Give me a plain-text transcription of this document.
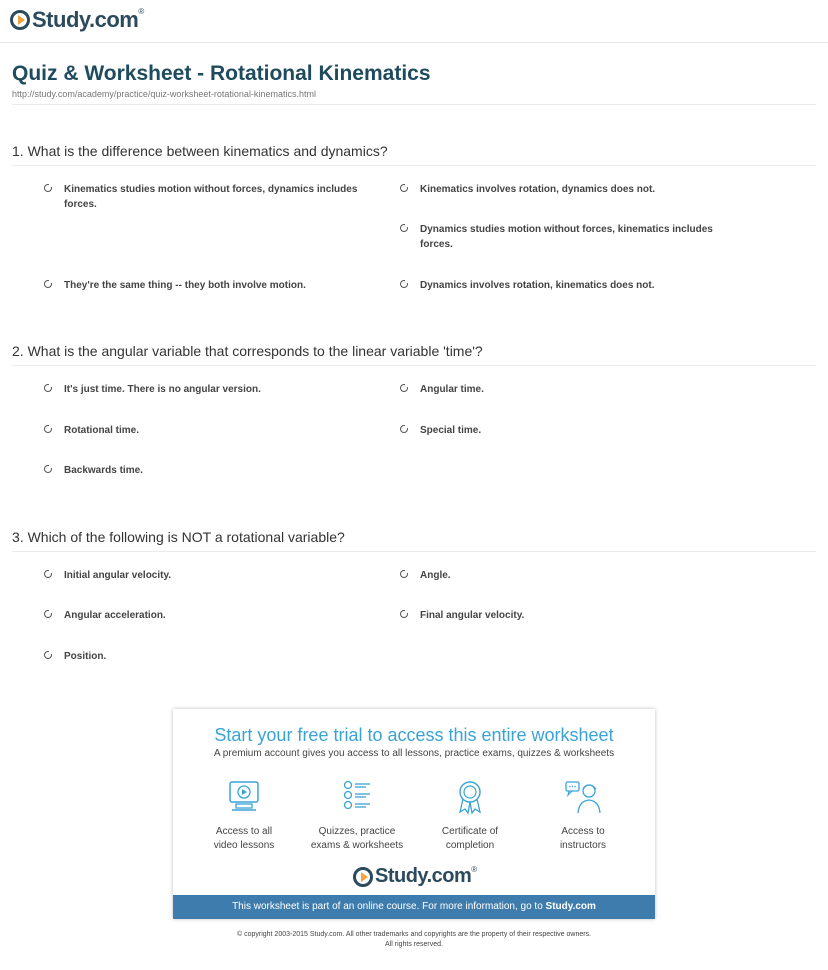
Study.com®
Quiz & Worksheet - Rotational Kinematics
http://study.com/academy/practice/quiz-worksheet-rotational-kinematics.html
1. What is the difference between kinematics and dynamics?
Kinematics studies motion without forces, dynamics includes forces.
Kinematics involves rotation, dynamics does not.
Dynamics studies motion without forces, kinematics includes forces.
They're the same thing -- they both involve motion.	Dynamics involves rotation, kinematics does not.
2. What is the angular variable that corresponds to the linear variable 'time'?
It's just time. There is no angular version.	Angular time.
Rotational time.	Special time.
Backwards time.
3. Which of the following is NOT a rotational variable?
Initial angular velocity.	Angle.
Angular acceleration.	Final angular velocity.
Position.
Start your free trial to access this entire worksheet
A premium account gives you access to all lessons, practice exams, quizzes & worksheets
Access to all
video lessons
Quizzes, practice
exams & worksheets
Certificate of
completion
Access to
instructors
Study.com®
This worksheet is part of an online course. For more information, go to Study.com
© copyright 2003-2015 Study.com. All other trademarks and copyrights are the property of their respective owners.
All rights reserved.
